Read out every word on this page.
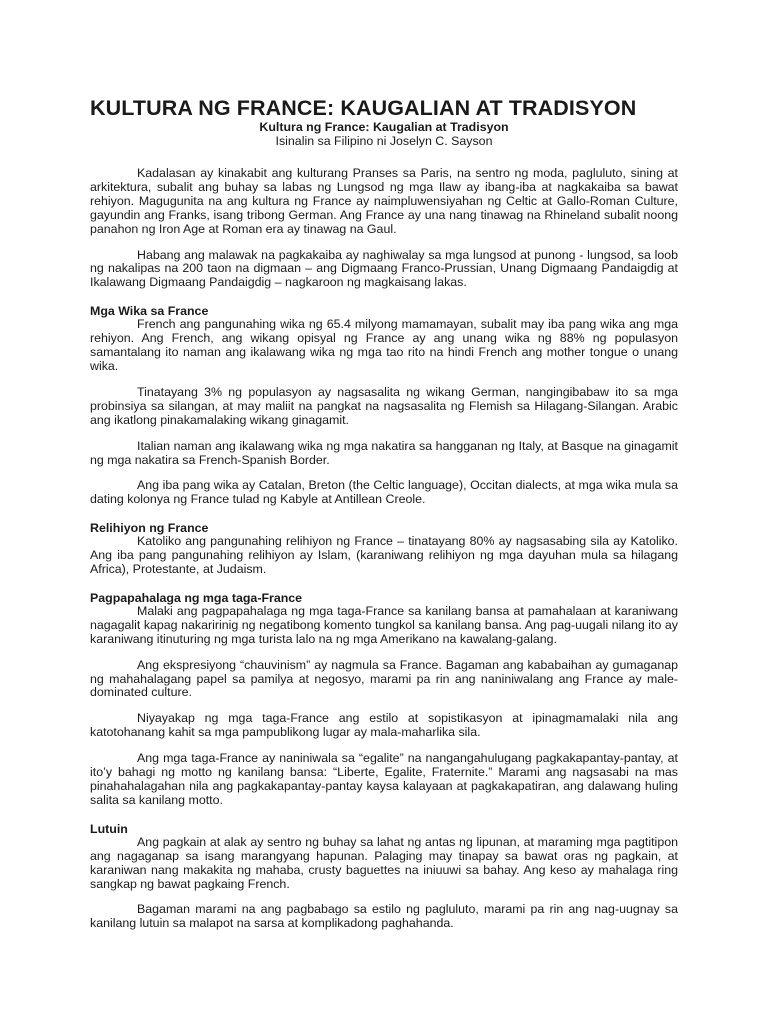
KULTURA NG FRANCE: KAUGALIAN AT TRADISYON

Kultura ng France: Kaugalian at Tradisyon

Isinalin sa Filipino ni Joselyn C. Sayson

Kadalasan ay kinakabit ang kulturang Pranses sa Paris, na sentro ng moda, pagluluto, sining at arkitektura, subalit ang buhay sa labas ng Lungsod ng mga Ilaw ay ibang-iba at nagkakaiba sa bawat rehiyon. Magugunita na ang kultura ng France ay naimpluwensiyahan ng Celtic at Gallo-Roman Culture, gayundin ang Franks, isang tribong German. Ang France ay una nang tinawag na Rhineland subalit noong panahon ng Iron Age at Roman era ay tinawag na Gaul.

Habang ang malawak na pagkakaiba ay naghiwalay sa mga lungsod at punong - lungsod, sa loob ng nakalipas na 200 taon na digmaan – ang Digmaang Franco-Prussian, Unang Digmaang Pandaigdig at Ikalawang Digmaang Pandaigdig – nagkaroon ng magkaisang lakas.

Mga Wika sa France

French ang pangunahing wika ng 65.4 milyong mamamayan, subalit may iba pang wika ang mga rehiyon. Ang French, ang wikang opisyal ng France ay ang unang wika ng 88% ng populasyon samantalang ito naman ang ikalawang wika ng mga tao rito na hindi French ang mother tongue o unang wika.

Tinatayang 3% ng populasyon ay nagsasalita ng wikang German, nangingibabaw ito sa mga probinsiya sa silangan, at may maliit na pangkat na nagsasalita ng Flemish sa Hilagang-Silangan. Arabic ang ikatlong pinakamalaking wikang ginagamit.

Italian naman ang ikalawang wika ng mga nakatira sa hangganan ng Italy, at Basque na ginagamit ng mga nakatira sa French-Spanish Border.

Ang iba pang wika ay Catalan, Breton (the Celtic language), Occitan dialects, at mga wika mula sa dating kolonya ng France tulad ng Kabyle at Antillean Creole.

Relihiyon ng France

Katoliko ang pangunahing relihiyon ng France – tinatayang 80% ay nagsasabing sila ay Katoliko. Ang iba pang pangunahing relihiyon ay Islam, (karaniwang relihiyon ng mga dayuhan mula sa hilagang Africa), Protestante, at Judaism.

Pagpapahalaga ng mga taga-France

Malaki ang pagpapahalaga ng mga taga-France sa kanilang bansa at pamahalaan at karaniwang nagagalit kapag nakaririnig ng negatibong komento tungkol sa kanilang bansa. Ang pag-uugali nilang ito ay karaniwang itinuturing ng mga turista lalo na ng mga Amerikano na kawalang-galang.

Ang ekspresiyong “chauvinism” ay nagmula sa France. Bagaman ang kababaihan ay gumaganap ng mahahalagang papel sa pamilya at negosyo, marami pa rin ang naniniwalang ang France ay male-dominated culture.

Niyayakap ng mga taga-France ang estilo at sopistikasyon at ipinagmamalaki nila ang katotohanang kahit sa mga pampublikong lugar ay mala-maharlika sila.

Ang mga taga-France ay naniniwala sa “egalite” na nangangahulugang pagkakapantay-pantay, at ito’y bahagi ng motto ng kanilang bansa: “Liberte, Egalite, Fraternite.” Marami ang nagsasabi na mas pinahahalagahan nila ang pagkakapantay-pantay kaysa kalayaan at pagkakapatiran, ang dalawang huling salita sa kanilang motto.

Lutuin

Ang pagkain at alak ay sentro ng buhay sa lahat ng antas ng lipunan, at maraming mga pagtitipon ang nagaganap sa isang marangyang hapunan. Palaging may tinapay sa bawat oras ng pagkain, at karaniwan nang makakita ng mahaba, crusty baguettes na iniuuwi sa bahay. Ang keso ay mahalaga ring sangkap ng bawat pagkaing French.

Bagaman marami na ang pagbabago sa estilo ng pagluluto, marami pa rin ang nag-uugnay sa kanilang lutuin sa malapot na sarsa at komplikadong paghahanda.
